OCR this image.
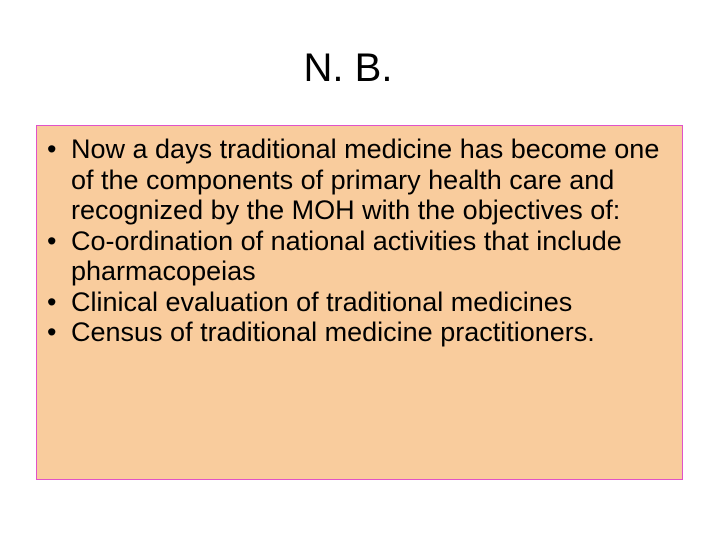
N. B.
• Now a days traditional medicine has become one of the components of primary health care and recognized by the MOH with the objectives of:
• Co-ordination of national activities that include pharmacopeias
• Clinical evaluation of traditional medicines
• Census of traditional medicine practitioners.
